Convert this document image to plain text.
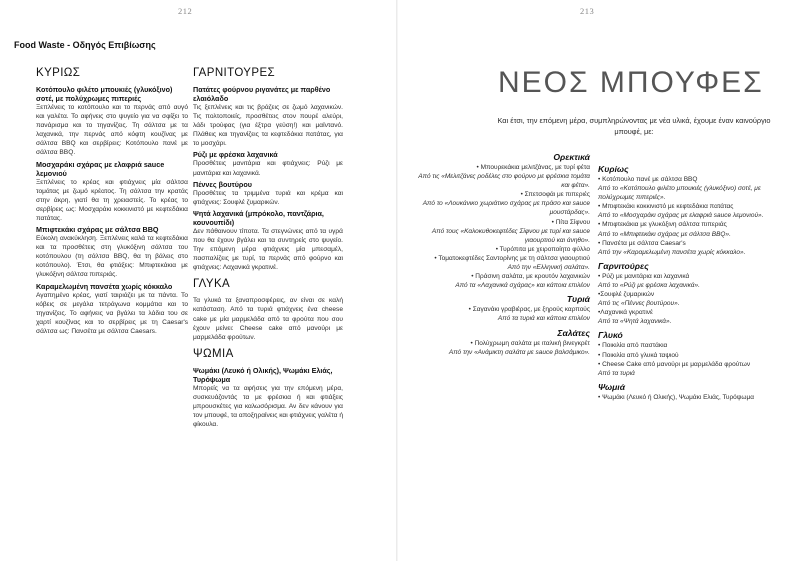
212
Food Waste - Οδηγός Επιβίωσης
ΚΥΡΙΩΣ
Κοτόπουλο φιλέτο μπουκιές (γλυκόξινο) σοτέ, με πολύχρωμες πιπεριές
Ξεπλένεις το κοτόπουλο και το περνάς από αυγό και γαλέτα. Το αφήνεις στο ψυγείο για να σφίξει το πανάρισμα και το τηγανίζεις. Τη σάλτσα με τα λαχανικά, την περνάς από κόφτη κουζίνας με σάλτσα BBQ και σερβίρεις: Κοτόπουλο πανέ με σάλτσα BBQ.
Μοσχαράκι σχάρας με ελαφριά sauce λεμονιού
Ξεπλένεις το κρέας και φτιάχνεις μία σάλτσα τομάτας με ζωμό κρέατος. Τη σάλτσα την κρατάς στην άκρη, γιατί θα τη χρειαστείς. Το κρέας το σερβίρεις ως: Μοσχαράκι κοκκινιστό με κεφτεδάκια πατάτας.
Μπιφτεκάκι σχάρας με σάλτσα BBQ
Εύκολη ανακύκληση. Ξεπλένεις καλά τα κεφτεδάκια και τα προσθέτεις στη γλυκόξινη σάλτσα του κοτόπουλου (τη σάλτσα BBQ, θα τη βάλεις στο κοτόπουλο). Έτσι, θα φτιάξεις: Μπιφτεκάκια με γλυκόξινη σάλτσα πιπεριάς.
Καραμελωμένη πανσέτα χωρίς κόκκαλο
Αγαπημένο κρέας, γιατί ταιριάζει με τα πάντα. Το κόβεις σε μεγάλα τετράγωνα κομμάτια και το τηγανίζεις. Το αφήνεις να βγάλει τα λάδια του σε χαρτί κουζίνας και το σερβίρεις με τη Caesar's σάλτσα ως: Πανσέτα με σάλτσα Caesars.
ΓΑΡΝΙΤΟΥΡΕΣ
Πατάτες φούρνου ριγανάτες με παρθένο ελαιόλαδο
Τις ξεπλένεις και τις βράζεις σε ζωμό λαχανικών. Τις πολτοποιείς, προσθέτεις στον πουρέ αλεύρι, λάδι τρούφας (για έξτρα γεύση!) και μαϊντανό. Πλάθεις και τηγανίζεις τα κεφτεδάκια πατάτας, για το μοσχάρι.
Ρύζι με φρέσκα λαχανικά
Προσθέτεις μανιτάρια και φτιάχνεις: Ρύζι με μανιτάρια και λαχανικά.
Πέννες βουτύρου
Προσθέτεις τα τριμμένα τυριά και κρέμα και φτιάχνεις: Σουφλέ ζυμαρικών.
Ψητά λαχανικά (μπρόκολο, παντζάρια, κουνουπίδι)
Δεν πάθαινουν τίποτα. Τα στεγνώνεις από τα υγρά που θα έχουν βγάλει και τα συντηρείς στο ψυγείο. Την επόμενη μέρα φτιάχνεις μία μπεσαμέλ, πασπαλίζεις με τυρί, τα περνάς από φούρνο και φτιάχνεις: Λαχανικά γκρατινέ.
ΓΛΥΚΑ
Τα γλυκά τα ξαναπροσφέρεις, αν είναι σε καλή κατάσταση. Από τα τυριά φτιάχνεις ένα cheese cake με μία μαρμελάδα από τα φρούτα που σου έχουν μείνει: Cheese cake από μανούρι με μαρμελάδα φρούτων.
ΨΩΜΙΑ
Ψωμάκι (Λευκό ή Ολικής), Ψωμάκι Ελιάς, Τυρόψωμα
Μπορείς να τα αφήσεις για την επόμενη μέρα, συσκευάζοντάς τα με φρέσκια ή και φτιάξεις μπρουσκέτες για καλωσόρισμα. Αν δεν κάνουν για τον μπουφέ, τα αποξηραίνεις και φτιάχνεις γαλέτα ή φίκουλα.
213
ΝΕΟΣ ΜΠΟΥΦΕΣ
Και έτσι, την επόμενη μέρα, συμπληρώνοντας με νέα υλικά, έχουμε έναν καινούργιο μπουφέ, με:
Ορεκτικά
• Μπουρεκάκια μελιτζάνας, με τυρί φέτα
Από τις «Μελιτζάνες ροδέλες στο φούρνο με φρέσκια τομάτα και φέτα».
• Σπετσοφάι με πιπεριές
Από το «Λουκάνικο χωριάτικο σχάρας με πράσο και sauce μουστάρδας».
• Πίτα Σίφνου
Από τους «Καλοκυθοκεφτέδες Σίφνου με τυρί και sauce γιαουρτιού και άνηθο».
• Τυρόπιτα με χειροποίητο φύλλο
• Τοματοκεφτέδες Σαντορίνης με τη σάλτσα γιαουρτιού
Από την «Ελληνική σαλάτα».
• Πράσινη σαλάτα, με κρουτόν λαχανικών
Από τα «Λαχανικά σχάρας» και κάποια επιλέον
Τυριά
• Σαγανάκι γραβιέρας, με ξηρούς καρπούς
Από τα τυριά και κάποια επιλέον
Σαλάτες
• Πολύχρωμη σαλάτα με ιταλική βινεγκρέτ
Από την «Ανάμικτη σαλάτα με sauce βαλσάμικο».
Κυρίως
• Κοτόπουλο πανέ με σάλτσα BBQ
Από το «Κοτόπουλο φιλέτο μπουκιές (γλυκόξινο) σοτέ, με πολύχρωμες πιπεριές».
• Μπιφτεκάκι κοκκινιστό με κεφτεδάκια πατάτας
Από το «Μοσχαράκι σχάρας με ελαφριά sauce λεμονιού».
• Μπιφτεκάκια με γλυκόξινη σάλτσα πιπεριάς
Από το «Μπιφτεκάκι σχάρας με σάλτσα BBQ».
• Πανσέτα με σάλτσα Caesar's
Από την «Καραμελωμένη πανσέτα χωρίς κόκκαλο».
Γαρνιτούρες
• Ρύζι με μανιτάρια και λαχανικά
Από το «Ρύζι με φρέσκα λαχανικά».
•Σουφλέ ζυμαρικών
Από τις «Πέννες βουτύρου».
•Λαχανικά γκρατινέ
Από τα «Ψητά λαχανικά».
Γλυκό
• Ποικιλία από παστάκια
• Ποικιλία από γλυκά ταψιού
• Cheese Cake από μανούρι με μαρμελάδα φρούτων
Από τα τυριά
Ψωμιά
• Ψωμάκι (Λευκό ή Ολικής), Ψωμάκι Ελιάς, Τυρόψωμα
